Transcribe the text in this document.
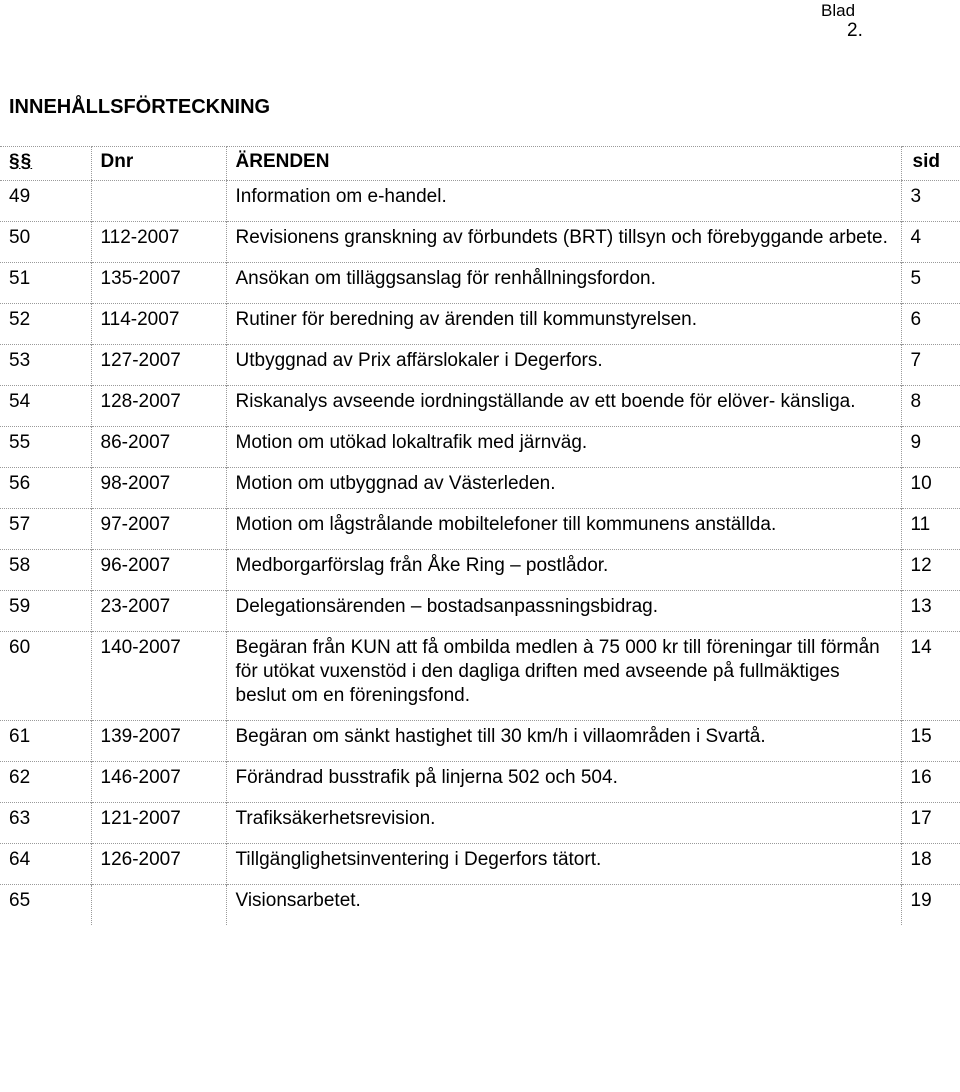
Blad
2.
INNEHÅLLSFÖRTECKNING
§§	Dnr	ÄRENDEN	sid
49		Information om e-handel.	3
50	112-2007	Revisionens granskning av förbundets (BRT) tillsyn och förebyggande arbete.	4
51	135-2007	Ansökan om tilläggsanslag för renhållningsfordon.	5
52	114-2007	Rutiner för beredning av ärenden till kommunstyrelsen.	6
53	127-2007	Utbyggnad av Prix affärslokaler i Degerfors.	7
54	128-2007	Riskanalys avseende iordningställande av ett boende för elöver- känsliga.	8
55	86-2007	Motion om utökad lokaltrafik med järnväg.	9
56	98-2007	Motion om utbyggnad av Västerleden.	10
57	97-2007	Motion om lågstrålande mobiltelefoner till kommunens anställda.	11
58	96-2007	Medborgarförslag från Åke Ring – postlådor.	12
59	23-2007	Delegationsärenden – bostadsanpassningsbidrag.	13
60	140-2007	Begäran från KUN att få ombilda medlen à 75 000 kr till föreningar till förmån för utökat vuxenstöd i den dagliga driften med avseende på fullmäktiges beslut om en föreningsfond.	14
61	139-2007	Begäran om sänkt hastighet till 30 km/h i villaområden i Svartå.	15
62	146-2007	Förändrad busstrafik på linjerna 502 och 504.	16
63	121-2007	Trafiksäkerhetsrevision.	17
64	126-2007	Tillgänglighetsinventering i Degerfors tätort.	18
65		Visionsarbetet.	19
